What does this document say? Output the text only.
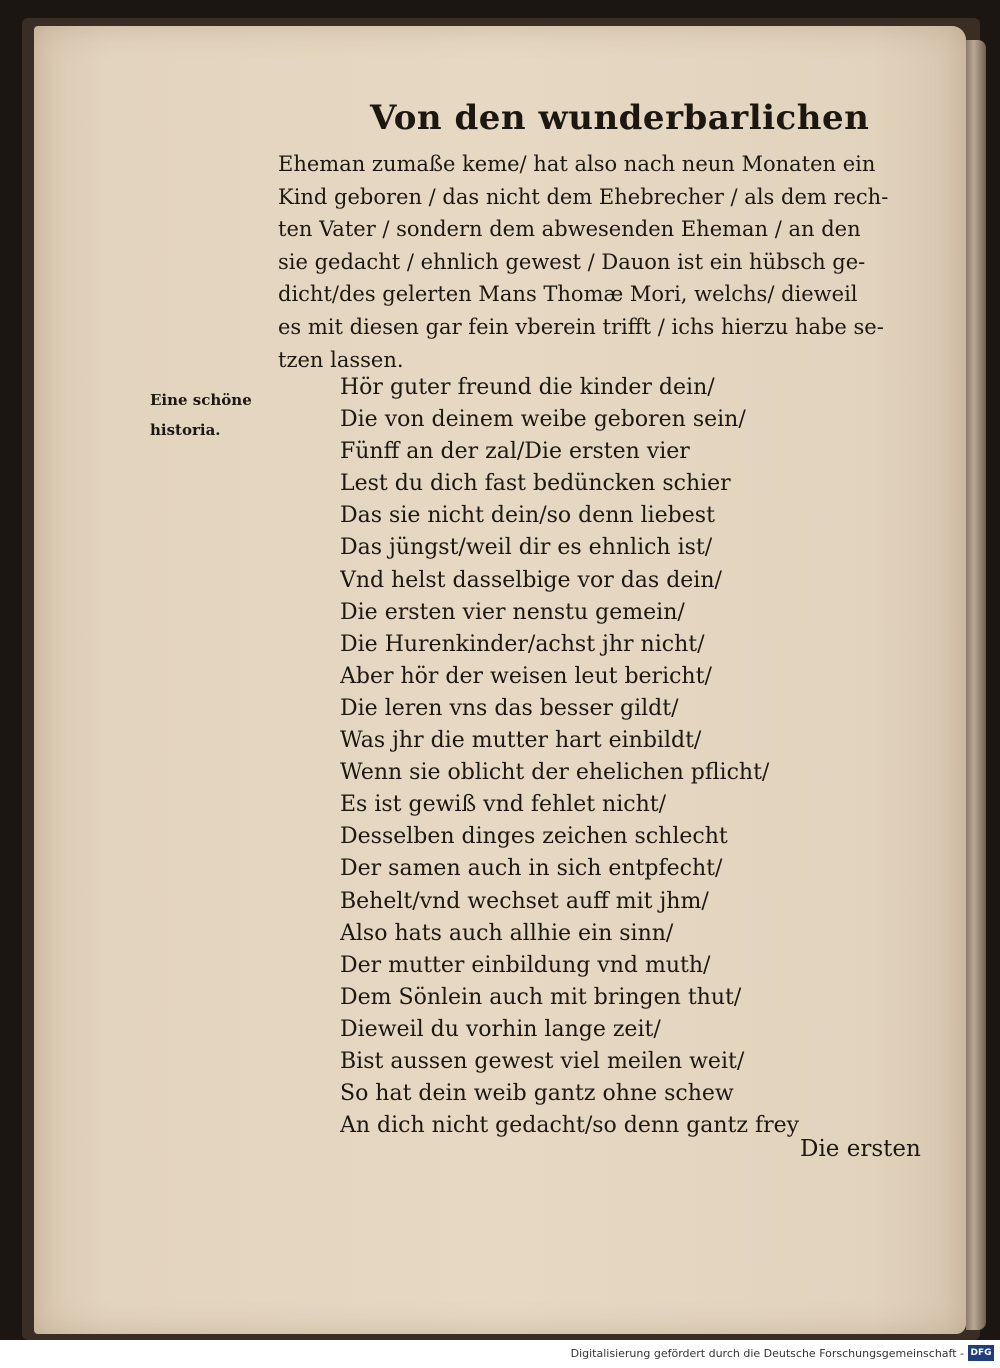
Von den wunderbarlichen
Eheman zumaße keme/ hat also nach neun Monaten ein
Kind geboren / das nicht dem Ehebrecher / als dem rech-
ten Vater / sondern dem abwesenden Eheman / an den
sie gedacht / ehnlich gewest / Dauon ist ein hübsch ge-
dicht/des gelerten Mans Thomæ Mori, welchs/ dieweil
es mit diesen gar fein vberein trifft / ichs hierzu habe se-
tzen lassen.
Eine schöne
historia.
Hör guter freund die kinder dein/
Die von deinem weibe geboren sein/
Fünff an der zal/Die ersten vier
Lest du dich fast bedüncken schier
Das sie nicht dein/so denn liebest
Das jüngst/weil dir es ehnlich ist/
Vnd helst dasselbige vor das dein/
Die ersten vier nenstu gemein/
Die Hurenkinder/achst jhr nicht/
Aber hör der weisen leut bericht/
Die leren vns das besser gildt/
Was jhr die mutter hart einbildt/
Wenn sie oblicht der ehelichen pflicht/
Es ist gewiß vnd fehlet nicht/
Desselben dinges zeichen schlecht
Der samen auch in sich entpfecht/
Behelt/vnd wechset auff mit jhm/
Also hats auch allhie ein sinn/
Der mutter einbildung vnd muth/
Dem Sönlein auch mit bringen thut/
Dieweil du vorhin lange zeit/
Bist aussen gewest viel meilen weit/
So hat dein weib gantz ohne schew
An dich nicht gedacht/so denn gantz frey
Die ersten
Digitalisierung gefördert durch die Deutsche Forschungsgemeinschaft - DFG
